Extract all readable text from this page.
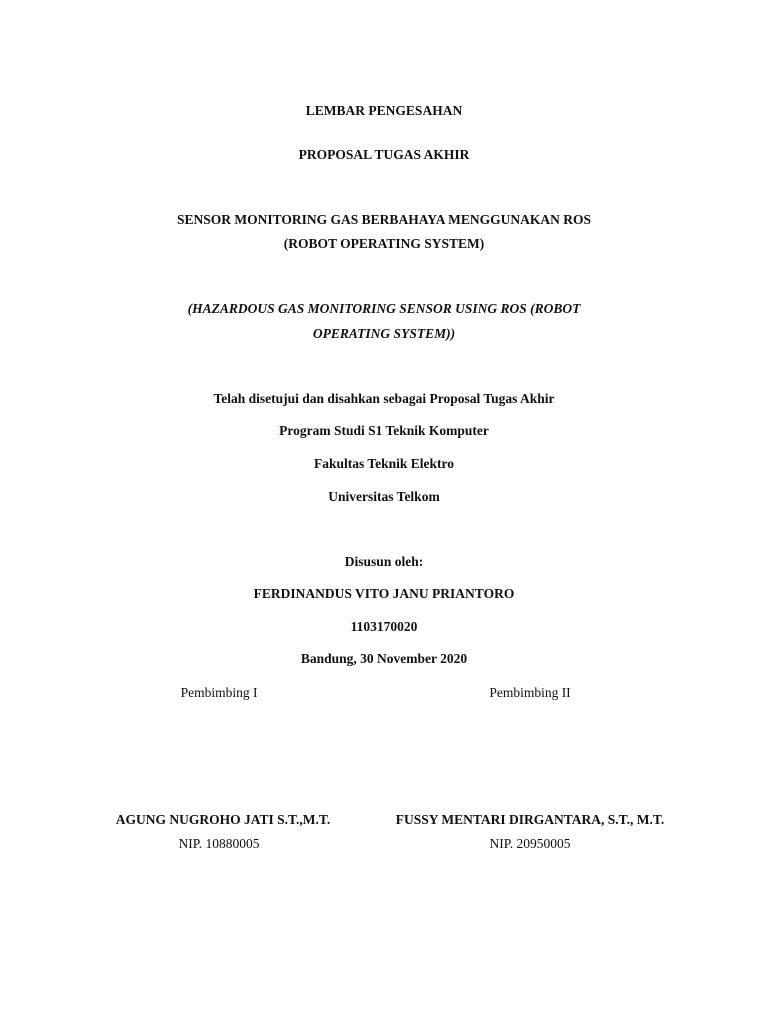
LEMBAR PENGESAHAN
PROPOSAL TUGAS AKHIR
SENSOR MONITORING GAS BERBAHAYA MENGGUNAKAN ROS
(ROBOT OPERATING SYSTEM)
(HAZARDOUS GAS MONITORING SENSOR USING ROS (ROBOT
OPERATING SYSTEM))
Telah disetujui dan disahkan sebagai Proposal Tugas Akhir
Program Studi S1 Teknik Komputer
Fakultas Teknik Elektro
Universitas Telkom
Disusun oleh:
FERDINANDUS VITO JANU PRIANTORO
1103170020
Bandung, 30 November 2020
Pembimbing I
AGUNG NUGROHO JATI S.T.,M.T.
NIP. 10880005
Pembimbing II
FUSSY MENTARI DIRGANTARA, S.T., M.T.
NIP. 20950005
